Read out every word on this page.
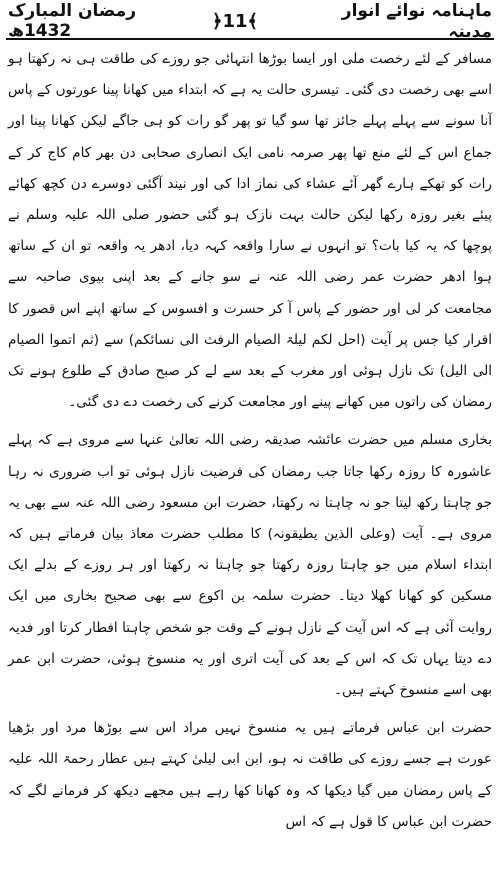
رمضان المبارک 1432ھ	﴿11﴾	ماہنامہ نوائے انوار مدینہ

مسافر کے لئے رخصت ملی اور ایسا بوڑھا انتہائی جو روزے کی طاقت ہی نہ رکھتا ہو اسے بھی رخصت دی گئی۔ تیسری حالت یہ ہے کہ ابتداء میں کھانا پینا عورتوں کے پاس آنا سونے سے پہلے پہلے جائز تھا سو گیا تو پھر گو رات کو ہی جاگے لیکن کھانا پینا اور جماع اس کے لئے منع تھا پھر صرمہ نامی ایک انصاری صحابی دن بھر کام کاج کر کے رات کو تھکے ہارے گھر آئے عشاء کی نماز ادا کی اور نیند آگئی دوسرے دن کچھ کھائے پیئے بغیر روزہ رکھا لیکن حالت بہت نازک ہو گئی حضور صلی اللہ علیہ وسلم نے پوچھا کہ یہ کیا بات؟ تو انہوں نے سارا واقعہ کہہ دیا، ادھر یہ واقعہ تو ان کے ساتھ ہوا ادھر حضرت عمر رضی اللہ عنہ نے سو جانے کے بعد اپنی بیوی صاحبہ سے مجامعت کر لی اور حضور کے پاس آ کر حسرت و افسوس کے ساتھ اپنے اس قصور کا اقرار کیا جس پر آیت (احل لکم لیلۃ الصیام الرفث الی نسائکم) سے (ثم اتموا الصیام الی الیل) تک نازل ہوئی اور مغرب کے بعد سے لے کر صبح صادق کے طلوع ہونے تک رمضان کی راتوں میں کھانے پینے اور مجامعت کرنے کی رخصت دے دی گئی۔

بخاری مسلم میں حضرت عائشہ صدیقہ رضی اللہ تعالیٰ عنہا سے مروی ہے کہ پہلے عاشورہ کا روزہ رکھا جاتا جب رمضان کی فرضیت نازل ہوئی تو اب ضروری نہ رہا جو چاہتا رکھ لیتا جو نہ چاہتا نہ رکھتا، حضرت ابن مسعود رضی اللہ عنہ سے بھی یہ مروی ہے۔ آیت (وعلی الذین یطیقونہ) کا مطلب حضرت معاذ بیان فرماتے ہیں کہ ابتداء اسلام میں جو چاہتا روزہ رکھتا جو چاہتا نہ رکھتا اور ہر روزے کے بدلے ایک مسکین کو کھانا کھلا دیتا۔ حضرت سلمہ بن اکوع سے بھی صحیح بخاری میں ایک روایت آئی ہے کہ اس آیت کے نازل ہونے کے وقت جو شخص چاہتا افطار کرتا اور فدیہ دے دیتا یہاں تک کہ اس کے بعد کی آیت اتری اور یہ منسوخ ہوئی، حضرت ابن عمر بھی اسے منسوخ کہتے ہیں۔

حضرت ابن عباس فرماتے ہیں یہ منسوخ نہیں مراد اس سے بوڑھا مرد اور بڑھیا عورت ہے جسے روزے کی طاقت نہ ہو، ابن ابی لیلیٰ کہتے ہیں عطار رحمۃ اللہ علیہ کے پاس رمضان میں گیا دیکھا کہ وہ کھانا کھا رہے ہیں مجھے دیکھ کر فرمانے لگے کہ حضرت ابن عباس کا قول ہے کہ اس
